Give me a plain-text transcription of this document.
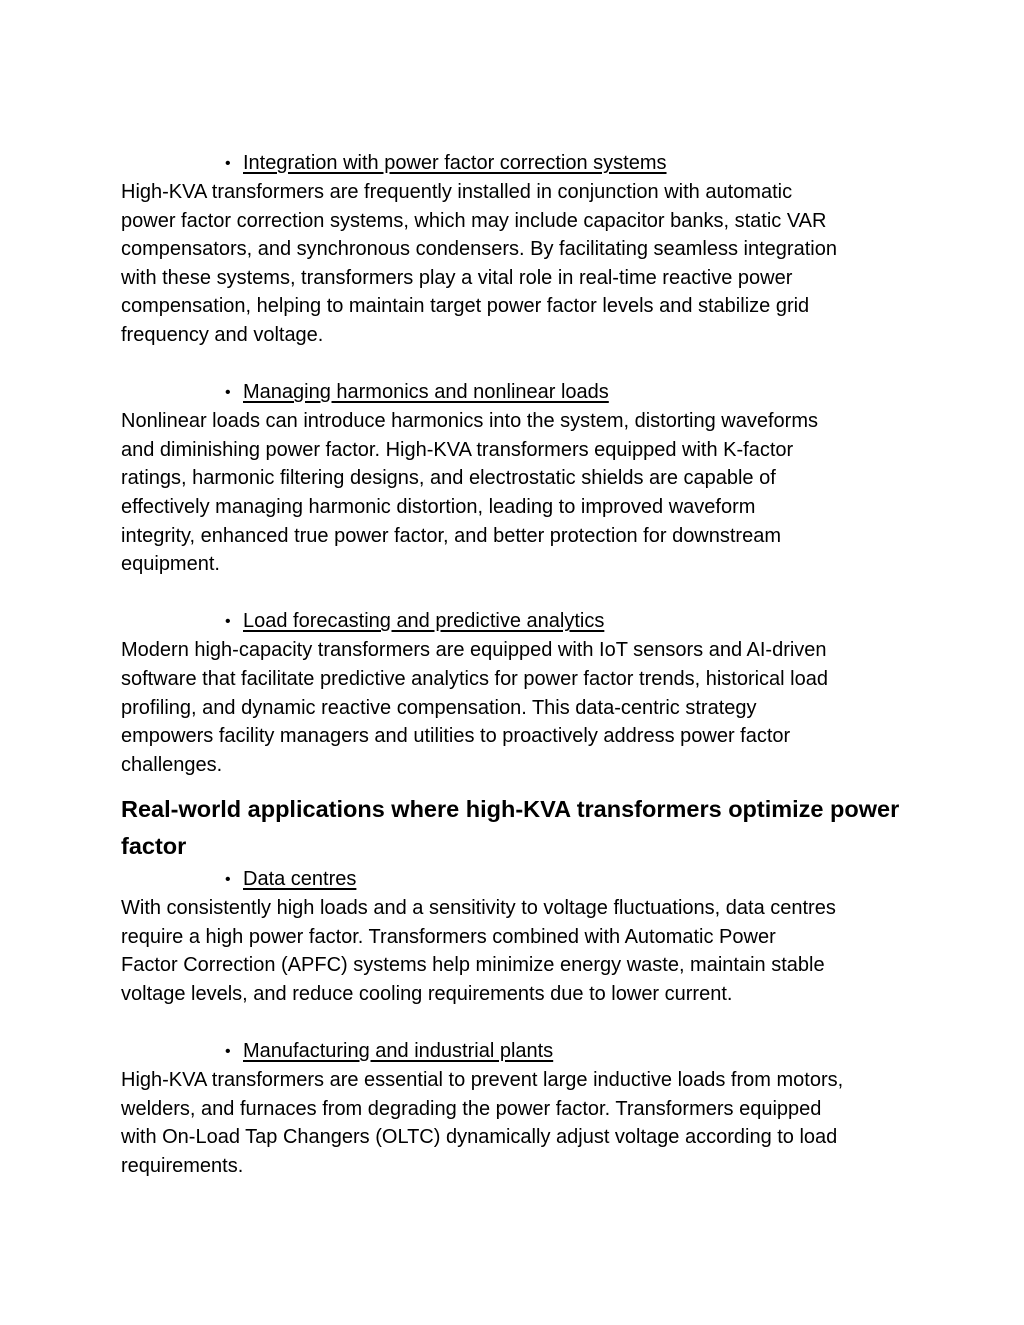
• Integration with power factor correction systems

High-KVA transformers are frequently installed in conjunction with automatic
power factor correction systems, which may include capacitor banks, static VAR
compensators, and synchronous condensers. By facilitating seamless integration
with these systems, transformers play a vital role in real-time reactive power
compensation, helping to maintain target power factor levels and stabilize grid
frequency and voltage.

• Managing harmonics and nonlinear loads

Nonlinear loads can introduce harmonics into the system, distorting waveforms
and diminishing power factor. High-KVA transformers equipped with K-factor
ratings, harmonic filtering designs, and electrostatic shields are capable of
effectively managing harmonic distortion, leading to improved waveform
integrity, enhanced true power factor, and better protection for downstream
equipment.

• Load forecasting and predictive analytics

Modern high-capacity transformers are equipped with IoT sensors and AI-driven
software that facilitate predictive analytics for power factor trends, historical load
profiling, and dynamic reactive compensation. This data-centric strategy
empowers facility managers and utilities to proactively address power factor
challenges.

Real-world applications where high-KVA transformers optimize power
factor
• Data centres

With consistently high loads and a sensitivity to voltage fluctuations, data centres
require a high power factor. Transformers combined with Automatic Power
Factor Correction (APFC) systems help minimize energy waste, maintain stable
voltage levels, and reduce cooling requirements due to lower current.

• Manufacturing and industrial plants

High-KVA transformers are essential to prevent large inductive loads from motors,
welders, and furnaces from degrading the power factor. Transformers equipped
with On-Load Tap Changers (OLTC) dynamically adjust voltage according to load
requirements.
